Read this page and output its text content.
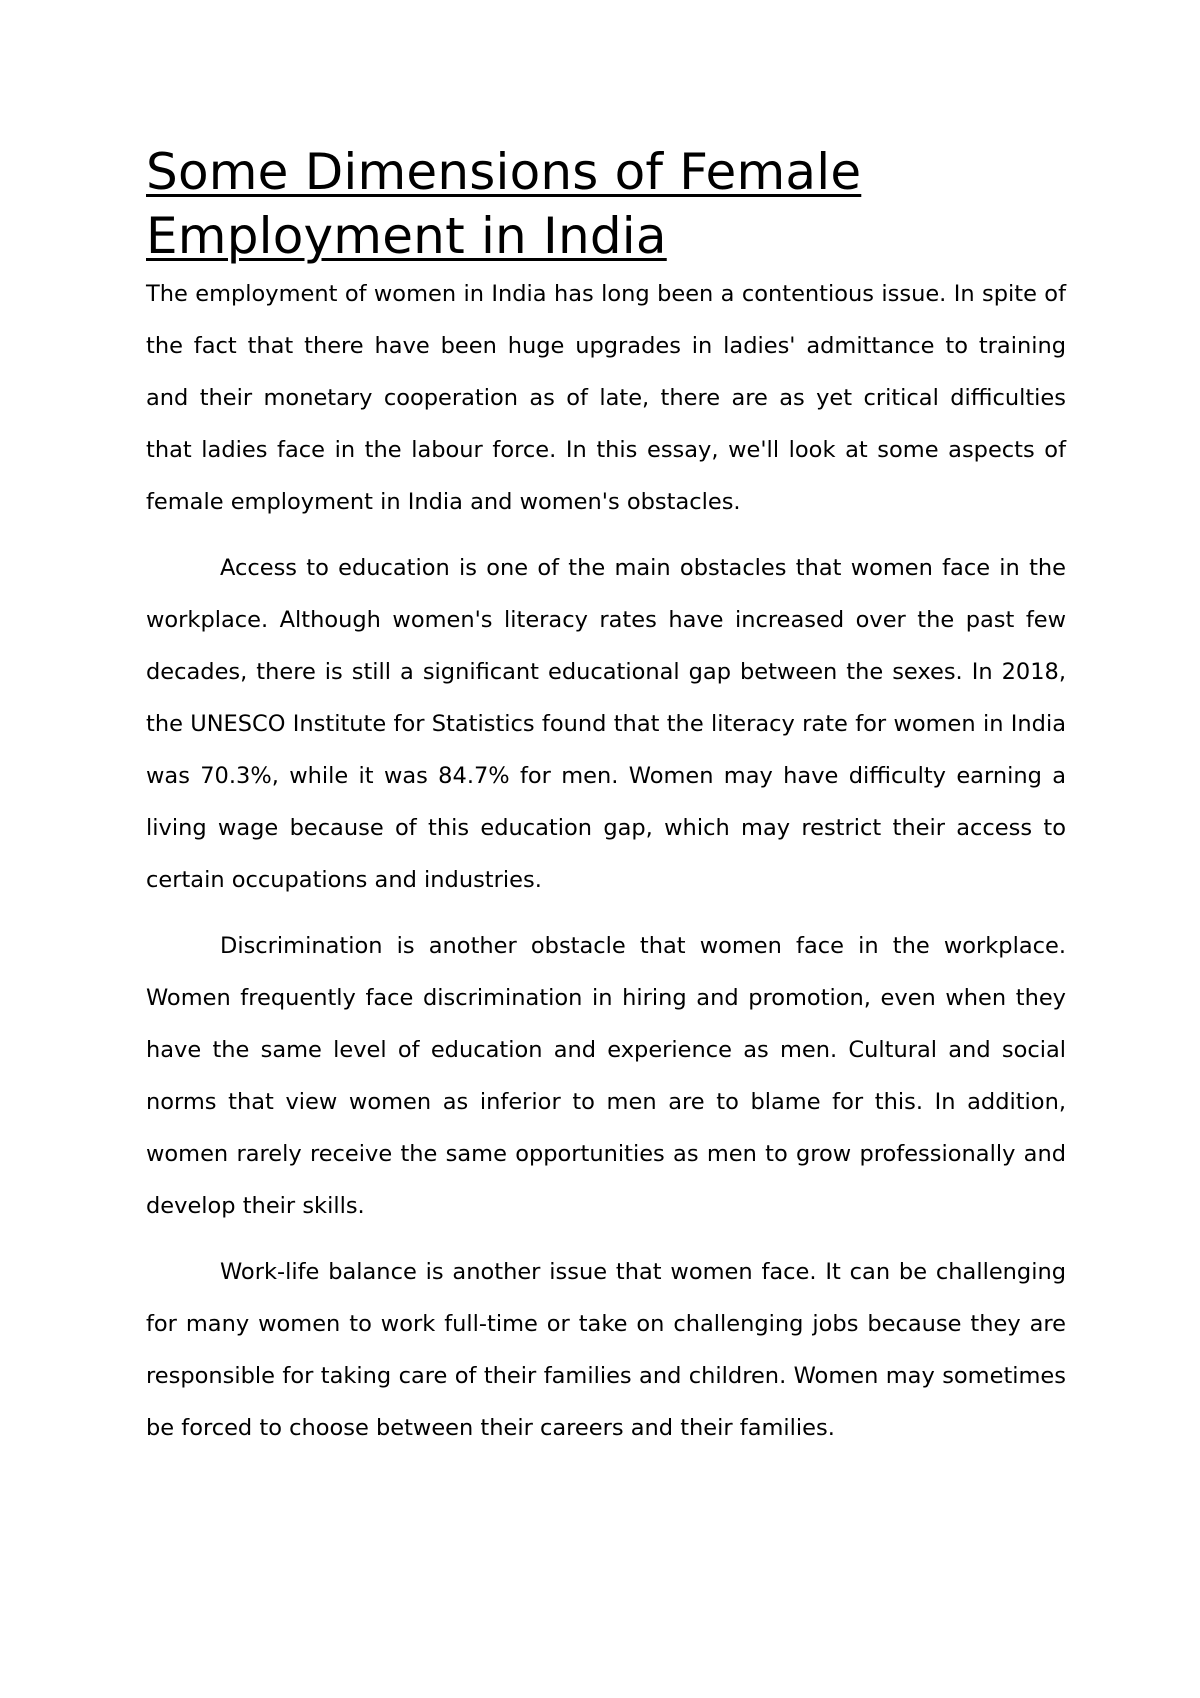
Some Dimensions of Female Employment in India

The employment of women in India has long been a contentious issue. In spite of the fact that there have been huge upgrades in ladies' admittance to training and their monetary cooperation as of late, there are as yet critical difficulties that ladies face in the labour force. In this essay, we'll look at some aspects of female employment in India and women's obstacles.

Access to education is one of the main obstacles that women face in the workplace. Although women's literacy rates have increased over the past few decades, there is still a significant educational gap between the sexes. In 2018, the UNESCO Institute for Statistics found that the literacy rate for women in India was 70.3%, while it was 84.7% for men. Women may have difficulty earning a living wage because of this education gap, which may restrict their access to certain occupations and industries.

Discrimination is another obstacle that women face in the workplace. Women frequently face discrimination in hiring and promotion, even when they have the same level of education and experience as men. Cultural and social norms that view women as inferior to men are to blame for this. In addition, women rarely receive the same opportunities as men to grow professionally and develop their skills.

Work-life balance is another issue that women face. It can be challenging for many women to work full-time or take on challenging jobs because they are responsible for taking care of their families and children. Women may sometimes be forced to choose between their careers and their families.
